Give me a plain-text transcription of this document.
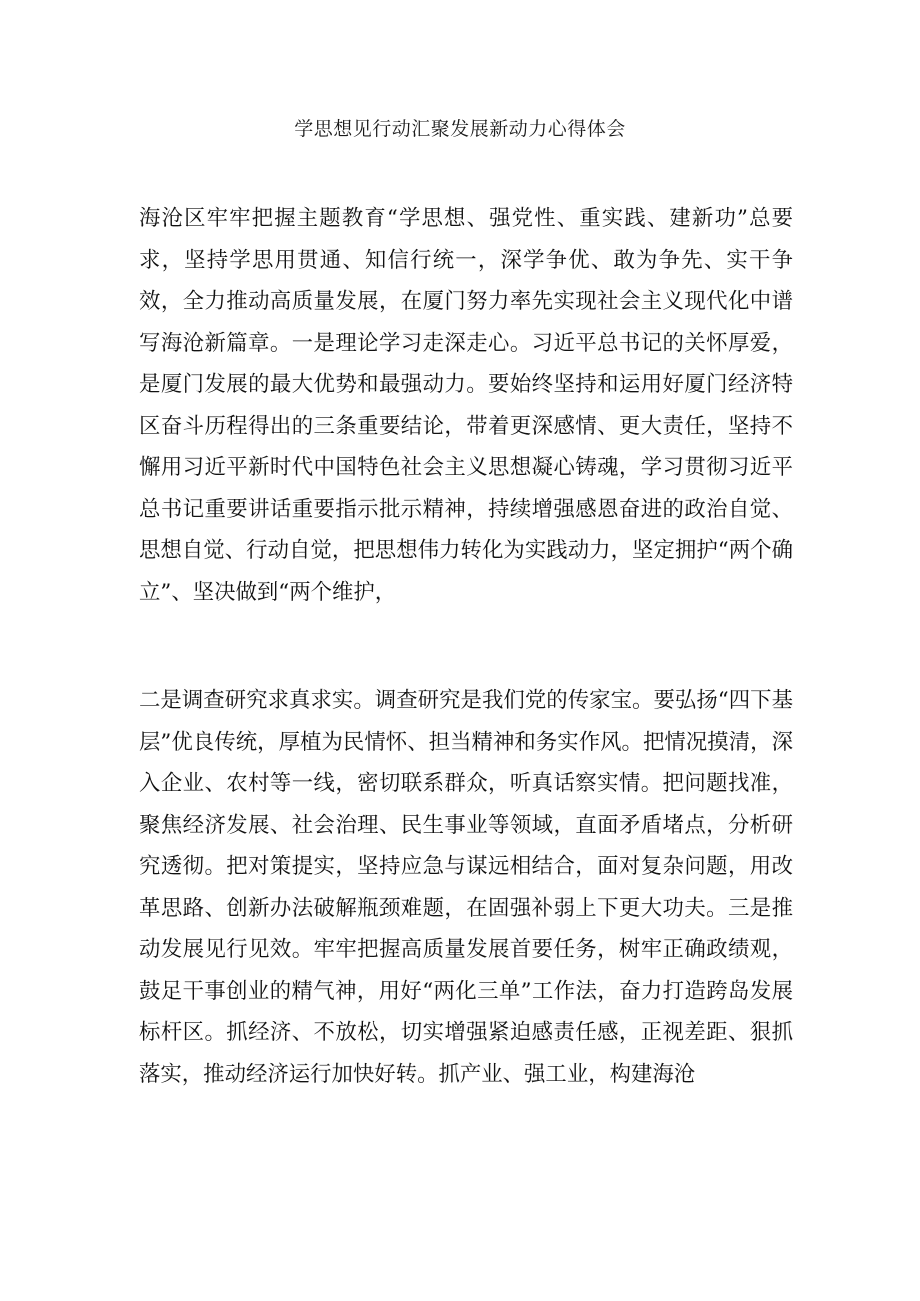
学思想见行动汇聚发展新动力心得体会

海沧区牢牢把握主题教育“学思想、强党性、重实践、建新功”总要求，坚持学思用贯通、知信行统一，深学争优、敢为争先、实干争效，全力推动高质量发展，在厦门努力率先实现社会主义现代化中谱写海沧新篇章。一是理论学习走深走心。习近平总书记的关怀厚爱，是厦门发展的最大优势和最强动力。要始终坚持和运用好厦门经济特区奋斗历程得出的三条重要结论，带着更深感情、更大责任，坚持不懈用习近平新时代中国特色社会主义思想凝心铸魂，学习贯彻习近平总书记重要讲话重要指示批示精神，持续增强感恩奋进的政治自觉、思想自觉、行动自觉，把思想伟力转化为实践动力，坚定拥护“两个确立”、坚决做到“两个维护，

二是调查研究求真求实。调查研究是我们党的传家宝。要弘扬“四下基层”优良传统，厚植为民情怀、担当精神和务实作风。把情况摸清，深入企业、农村等一线，密切联系群众，听真话察实情。把问题找准，聚焦经济发展、社会治理、民生事业等领域，直面矛盾堵点，分析研究透彻。把对策提实，坚持应急与谋远相结合，面对复杂问题，用改革思路、创新办法破解瓶颈难题，在固强补弱上下更大功夫。三是推动发展见行见效。牢牢把握高质量发展首要任务，树牢正确政绩观，鼓足干事创业的精气神，用好“两化三单”工作法，奋力打造跨岛发展标杆区。抓经济、不放松，切实增强紧迫感责任感，正视差距、狠抓落实，推动经济运行加快好转。抓产业、强工业，构建海沧
